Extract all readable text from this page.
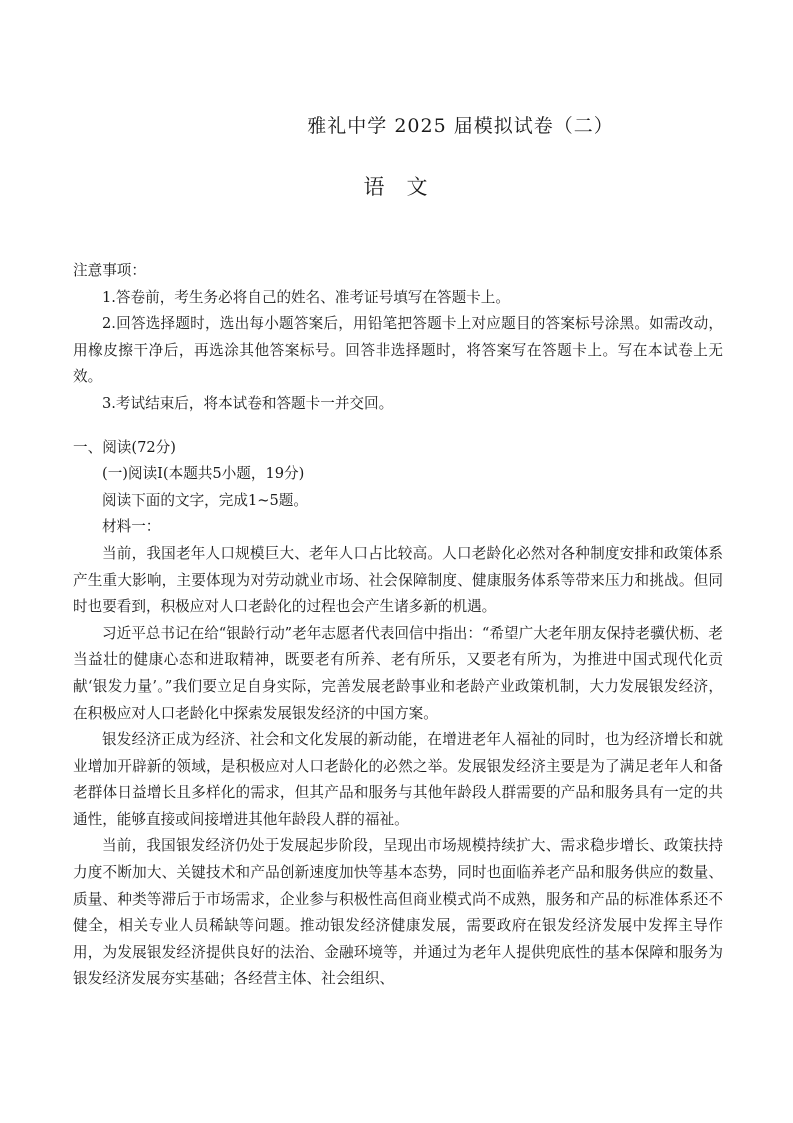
雅礼中学 2025 届模拟试卷（二）
语文

注意事项：

1.答卷前，考生务必将自己的姓名、准考证号填写在答题卡上。

2.回答选择题时，选出每小题答案后，用铅笔把答题卡上对应题目的答案标号涂黑。如需改动，用橡皮擦干净后，再选涂其他答案标号。回答非选择题时，将答案写在答题卡上。写在本试卷上无效。

3.考试结束后，将本试卷和答题卡一并交回。

一、阅读(72分)

(一)阅读Ⅰ(本题共5小题，19分)

阅读下面的文字，完成1~5题。

材料一：

当前，我国老年人口规模巨大、老年人口占比较高。人口老龄化必然对各种制度安排和政策体系产生重大影响，主要体现为对劳动就业市场、社会保障制度、健康服务体系等带来压力和挑战。但同时也要看到，积极应对人口老龄化的过程也会产生诸多新的机遇。

习近平总书记在给“银龄行动”老年志愿者代表回信中指出：“希望广大老年朋友保持老骥伏枥、老当益壮的健康心态和进取精神，既要老有所养、老有所乐，又要老有所为，为推进中国式现代化贡献‘银发力量’。”我们要立足自身实际，完善发展老龄事业和老龄产业政策机制，大力发展银发经济，在积极应对人口老龄化中探索发展银发经济的中国方案。

银发经济正成为经济、社会和文化发展的新动能，在增进老年人福祉的同时，也为经济增长和就业增加开辟新的领域，是积极应对人口老龄化的必然之举。发展银发经济主要是为了满足老年人和备老群体日益增长且多样化的需求，但其产品和服务与其他年龄段人群需要的产品和服务具有一定的共通性，能够直接或间接增进其他年龄段人群的福祉。

当前，我国银发经济仍处于发展起步阶段，呈现出市场规模持续扩大、需求稳步增长、政策扶持力度不断加大、关键技术和产品创新速度加快等基本态势，同时也面临养老产品和服务供应的数量、质量、种类等滞后于市场需求，企业参与积极性高但商业模式尚不成熟，服务和产品的标准体系还不健全，相关专业人员稀缺等问题。推动银发经济健康发展，需要政府在银发经济发展中发挥主导作用，为发展银发经济提供良好的法治、金融环境等，并通过为老年人提供兜底性的基本保障和服务为银发经济发展夯实基础；各经营主体、社会组织、
